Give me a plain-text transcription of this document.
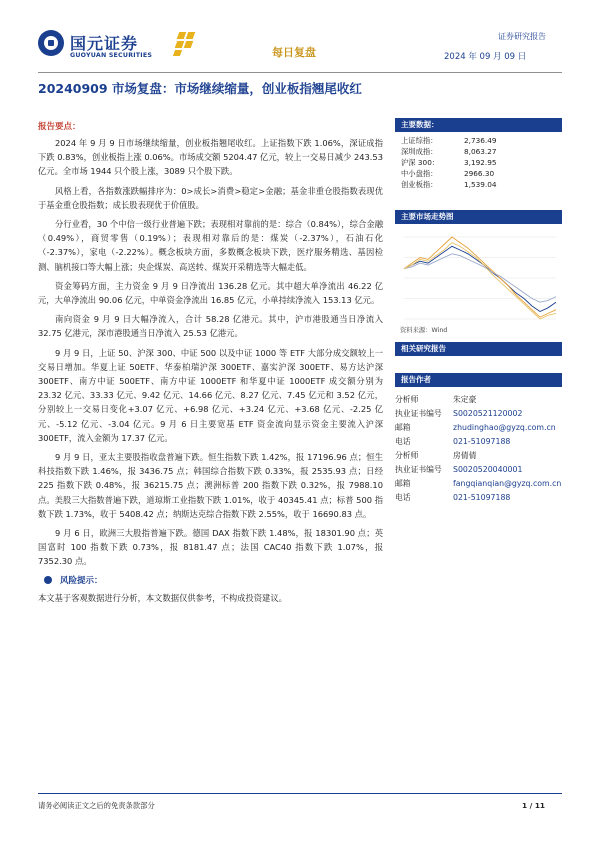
国元证券
GUOYUAN SECURITIES	每日复盘
证券研究报告
2024 年 09 月 09 日
20240909 市场复盘：市场继续缩量，创业板指翘尾收红
报告要点：

2024 年 9 月 9 日市场继续缩量，创业板指翘尾收红。上证指数下跌 1.06%，深证成指下跌 0.83%，创业板指上涨 0.06%。市场成交额 5204.47 亿元，较上一交易日减少 243.53 亿元。全市场 1944 只个股上涨，3089 只个股下跌。

风格上看，各指数涨跌幅排序为：0>成长>消费>稳定>金融；基金非重仓股指数表现优于基金重仓股指数；成长股表现优于价值股。

分行业看，30 个中信一级行业普遍下跌；表现相对靠前的是：综合（0.84%），综合金融（0.49%），商贸零售（0.19%）；表现相对靠后的是：煤炭（-2.37%），石油石化（-2.37%），家电（-2.22%）。概念板块方面，多数概念板块下跌，医疗服务精选、基因检测、脑机接口等大幅上涨；央企煤炭、高送转、煤炭开采精选等大幅走低。

资金筹码方面，主力资金 9 月 9 日净流出 136.28 亿元。其中超大单净流出 46.22 亿元，大单净流出 90.06 亿元，中单资金净流出 16.85 亿元，小单持续净流入 153.13 亿元。

南向资金 9 月 9 日大幅净流入，合计 58.28 亿港元。其中，沪市港股通当日净流入 32.75 亿港元，深市港股通当日净流入 25.53 亿港元。

9 月 9 日，上证 50、沪深 300、中证 500 以及中证 1000 等 ETF 大部分成交额较上一交易日增加。华夏上证 50ETF、华泰柏瑞沪深 300ETF、嘉实沪深 300ETF、易方达沪深 300ETF、南方中证 500ETF、南方中证 1000ETF 和华夏中证 1000ETF 成交额分别为 23.32 亿元、33.33 亿元、9.42 亿元、14.66 亿元、8.27 亿元、7.45 亿元和 3.52 亿元，分别较上一交易日变化+3.07 亿元、+6.98 亿元、+3.24 亿元、+3.68 亿元、-2.25 亿元、-5.12 亿元、-3.04 亿元。9 月 6 日主要宽基 ETF 资金流向显示资金主要流入沪深 300ETF，流入金额为 17.37 亿元。

9 月 9 日，亚太主要股指收盘普遍下跌。恒生指数下跌 1.42%，报 17196.96 点；恒生科技指数下跌 1.46%，报 3436.75 点；韩国综合指数下跌 0.33%，报 2535.93 点；日经 225 指数下跌 0.48%，报 36215.75 点；澳洲标普 200 指数下跌 0.32%，报 7988.10 点。美股三大指数普遍下跌，道琼斯工业指数下跌 1.01%，收于 40345.41 点；标普 500 指数下跌 1.73%，收于 5408.42 点；纳斯达克综合指数下跌 2.55%，收于 16690.83 点。

9 月 6 日，欧洲三大股指普遍下跌。德国 DAX 指数下跌 1.48%，报 18301.90 点；英国富时 100 指数下跌 0.73%，报 8181.47 点；法国 CAC40 指数下跌 1.07%，报 7352.30 点。

风险提示：
本文基于客观数据进行分析，本文数据仅供参考，不构成投资建议。
主要数据：
上证综指：	2,736.49
深圳成指：	8,063.27
沪深 300：	3,192.95
中小盘指：	2966.30
创业板指：	1,539.04
主要市场走势图
资料来源：Wind
相关研究报告
报告作者
分析师	朱定豪
执业证书编号	S0020521120002
邮箱	zhudinghao@gyzq.com.cn
电话	021-51097188
分析师	房倩倩
执业证书编号	S0020520040001
邮箱	fangqianqian@gyzq.com.cn
电话	021-51097188
请务必阅读正文之后的免责条款部分	1 / 11
